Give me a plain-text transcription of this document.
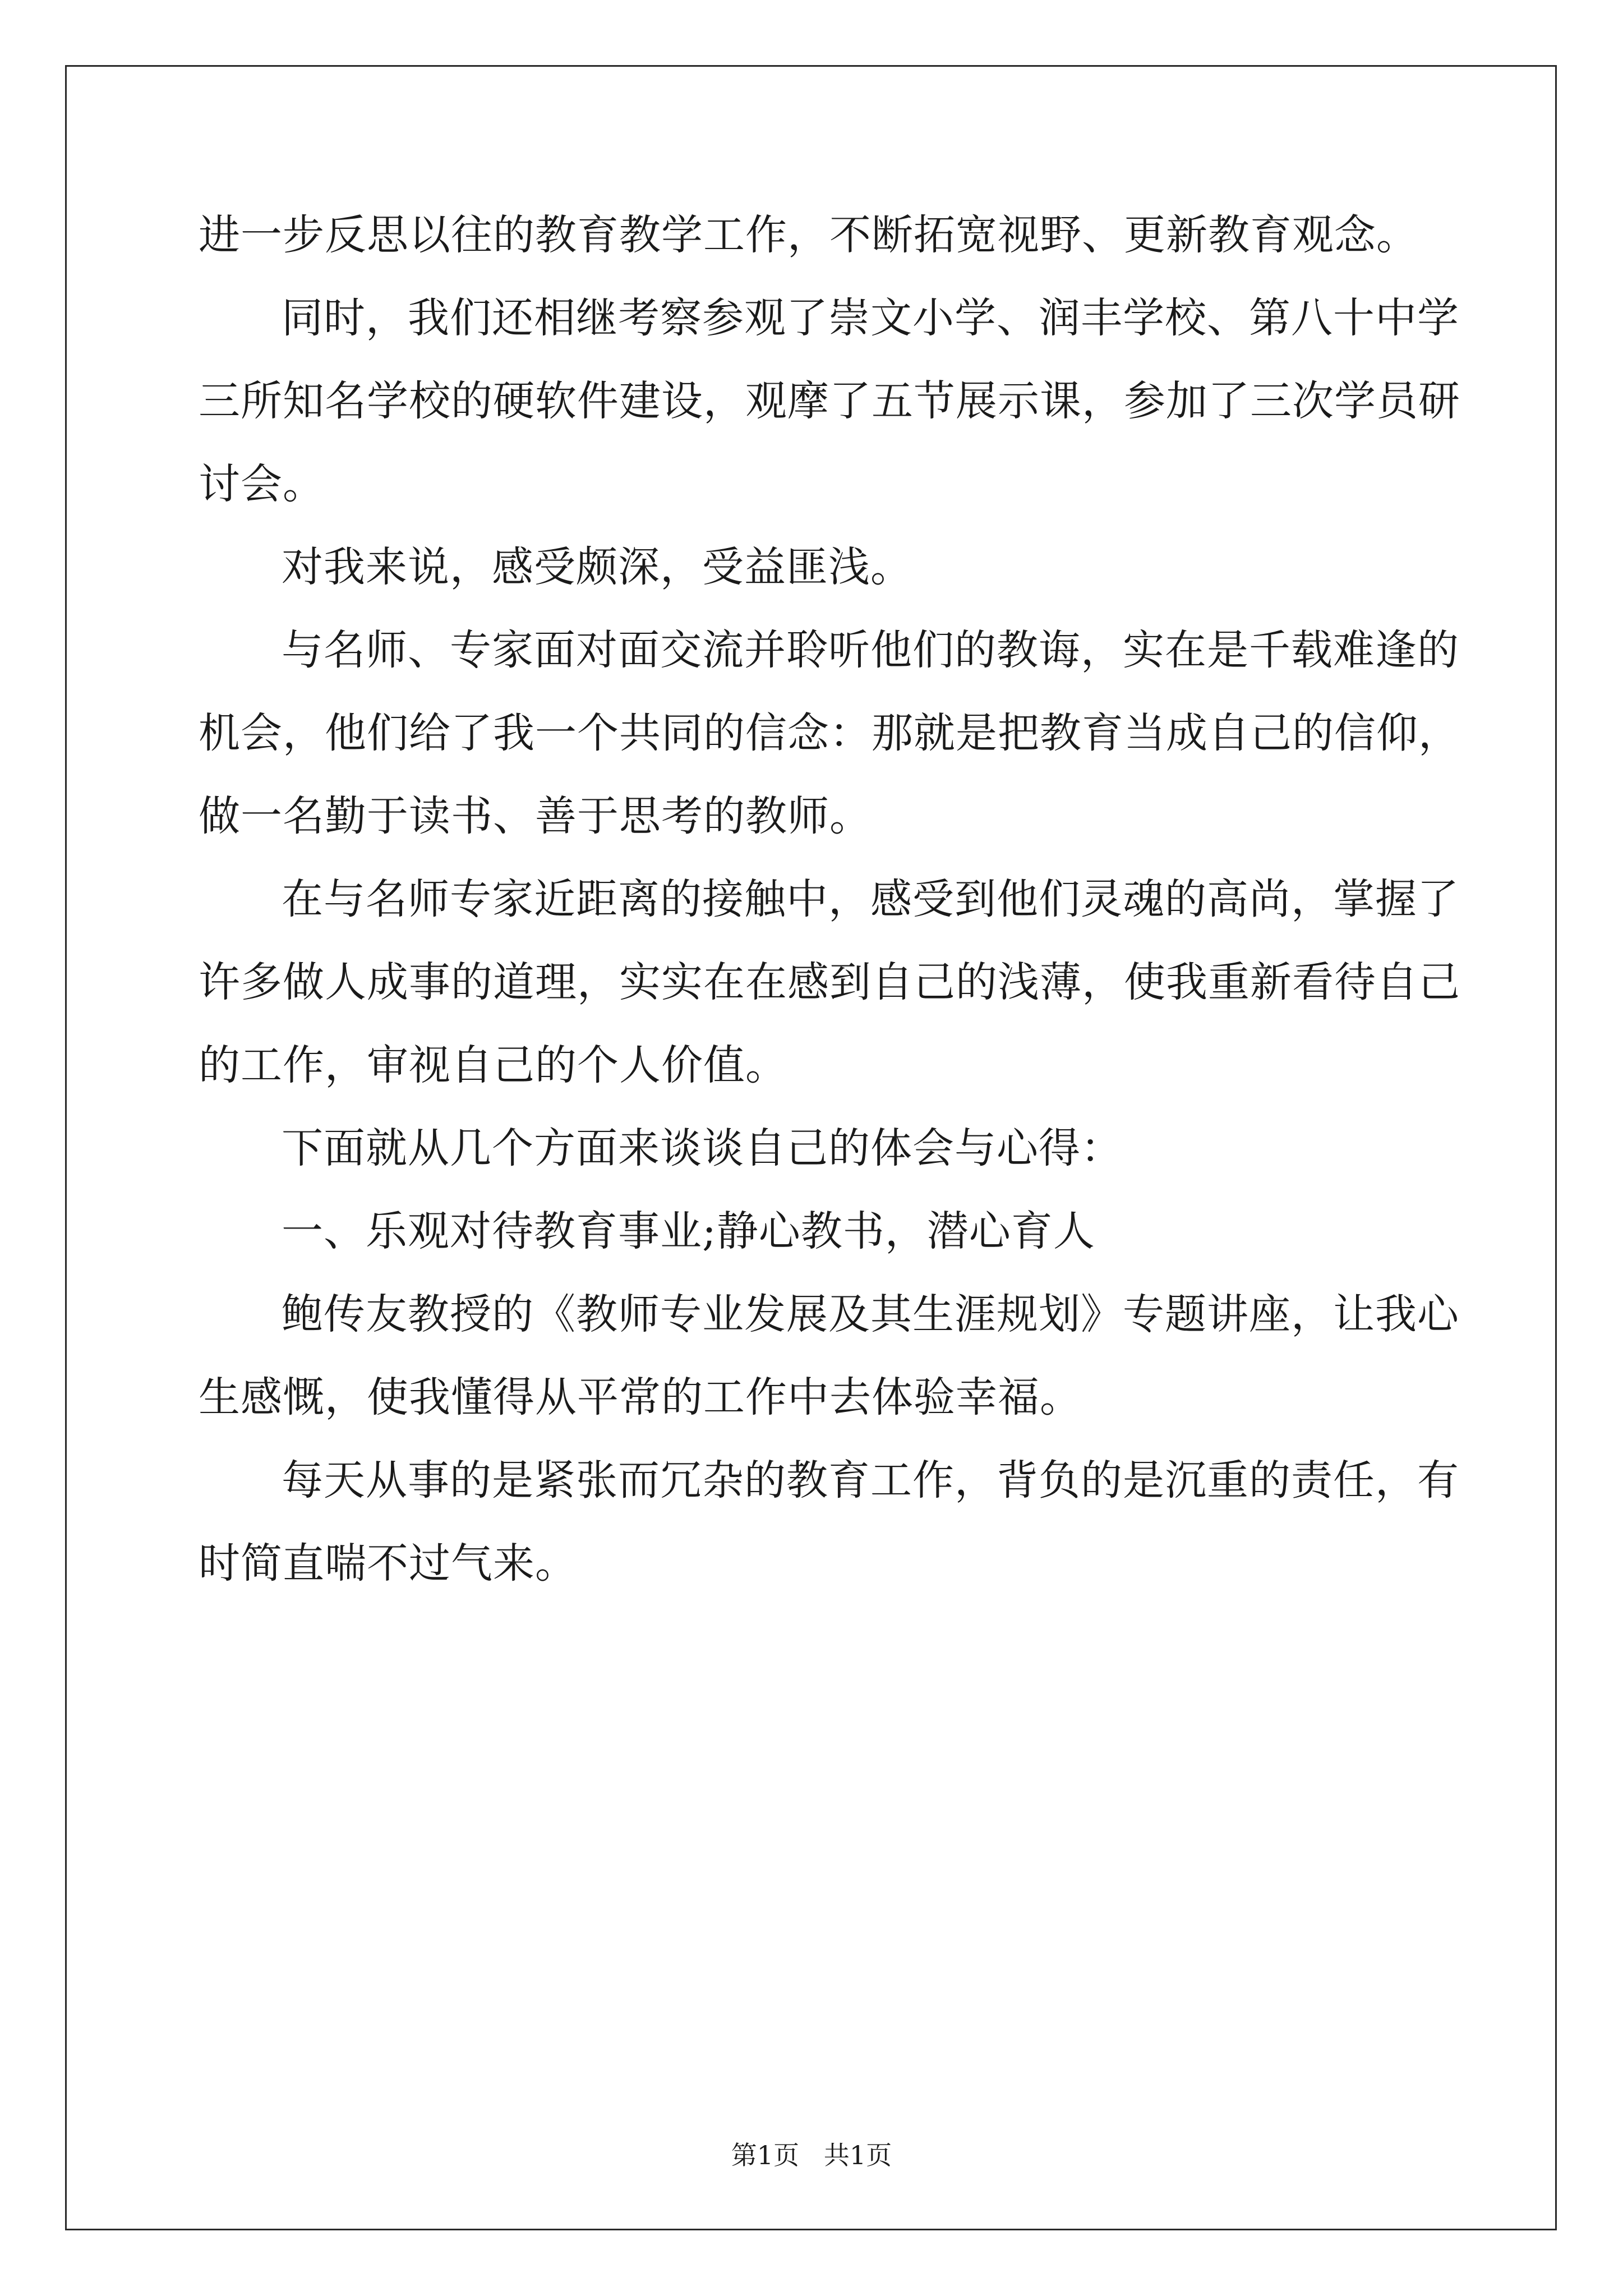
进一步反思以往的教育教学工作，不断拓宽视野、更新教育观念。

同时，我们还相继考察参观了崇文小学、润丰学校、第八十中学

三所知名学校的硬软件建设，观摩了五节展示课，参加了三次学员研

讨会。

对我来说，感受颇深，受益匪浅。

与名师、专家面对面交流并聆听他们的教诲，实在是千载难逢的

机会，他们给了我一个共同的信念：那就是把教育当成自己的信仰，

做一名勤于读书、善于思考的教师。

在与名师专家近距离的接触中，感受到他们灵魂的高尚，掌握了

许多做人成事的道理，实实在在感到自己的浅薄，使我重新看待自己

的工作，审视自己的个人价值。

下面就从几个方面来谈谈自己的体会与心得：

一、乐观对待教育事业;静心教书，潜心育人

鲍传友教授的《教师专业发展及其生涯规划》专题讲座，让我心

生感慨，使我懂得从平常的工作中去体验幸福。

每天从事的是紧张而冗杂的教育工作，背负的是沉重的责任，有

时简直喘不过气来。

第1页   共1页
